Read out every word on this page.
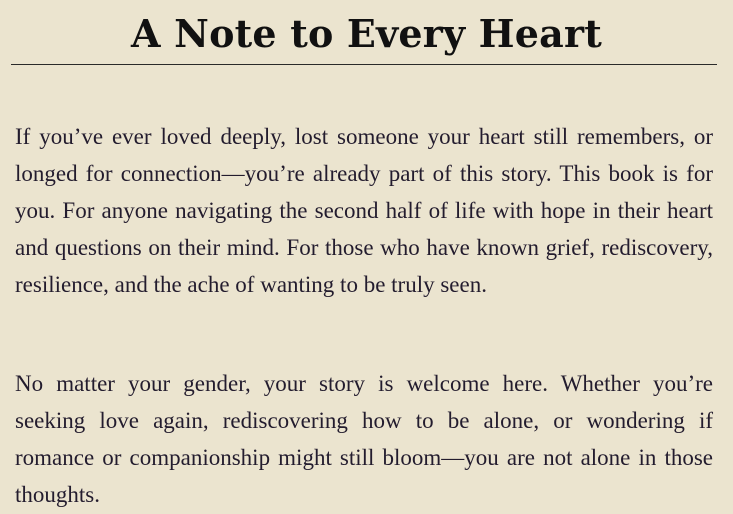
A Note to Every Heart

If you’ve ever loved deeply, lost someone your heart still remembers, or longed for connection—you’re already part of this story. This book is for you. For anyone navigating the second half of life with hope in their heart and questions on their mind. For those who have known grief, rediscovery, resilience, and the ache of wanting to be truly seen.

No matter your gender, your story is welcome here. Whether you’re seeking love again, rediscovering how to be alone, or wondering if romance or companionship might still bloom—you are not alone in those thoughts.
